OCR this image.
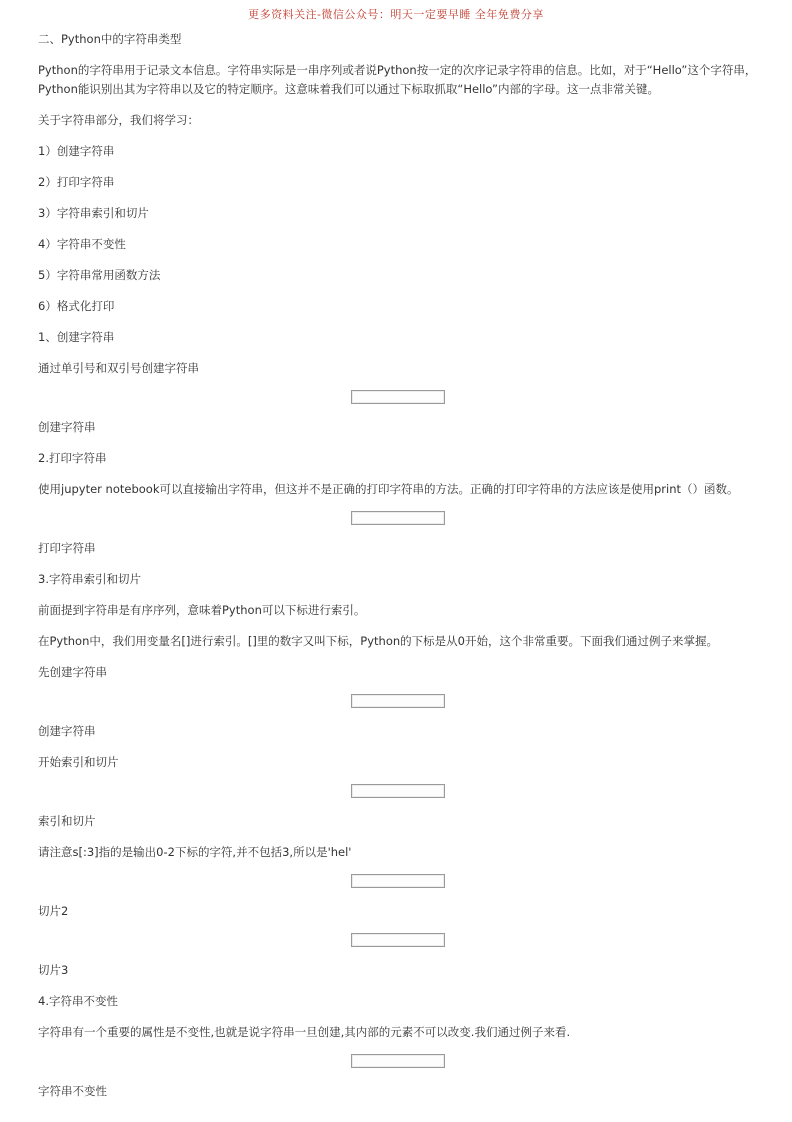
更多资料关注-微信公众号：明天一定要早睡 全年免费分享

二、Python中的字符串类型

Python的字符串用于记录文本信息。字符串实际是一串序列或者说Python按一定的次序记录字符串的信息。比如，对于“Hello”这个字符串，Python能识别出其为字符串以及它的特定顺序。这意味着我们可以通过下标取抓取“Hello”内部的字母。这一点非常关键。

关于字符串部分，我们将学习：

1）创建字符串

2）打印字符串

3）字符串索引和切片

4）字符串不变性

5）字符串常用函数方法

6）格式化打印

1、创建字符串

通过单引号和双引号创建字符串

创建字符串

2.打印字符串

使用jupyter notebook可以直接输出字符串，但这并不是正确的打印字符串的方法。正确的打印字符串的方法应该是使用print（）函数。

打印字符串

3.字符串索引和切片

前面提到字符串是有序序列，意味着Python可以下标进行索引。

在Python中，我们用变量名[]进行索引。[]里的数字又叫下标，Python的下标是从0开始，这个非常重要。下面我们通过例子来掌握。

先创建字符串

创建字符串

开始索引和切片

索引和切片

请注意s[:3]指的是输出0-2下标的字符,并不包括3,所以是'hel'

切片2

切片3

4.字符串不变性

字符串有一个重要的属性是不变性,也就是说字符串一旦创建,其内部的元素不可以改变.我们通过例子来看.

字符串不变性
